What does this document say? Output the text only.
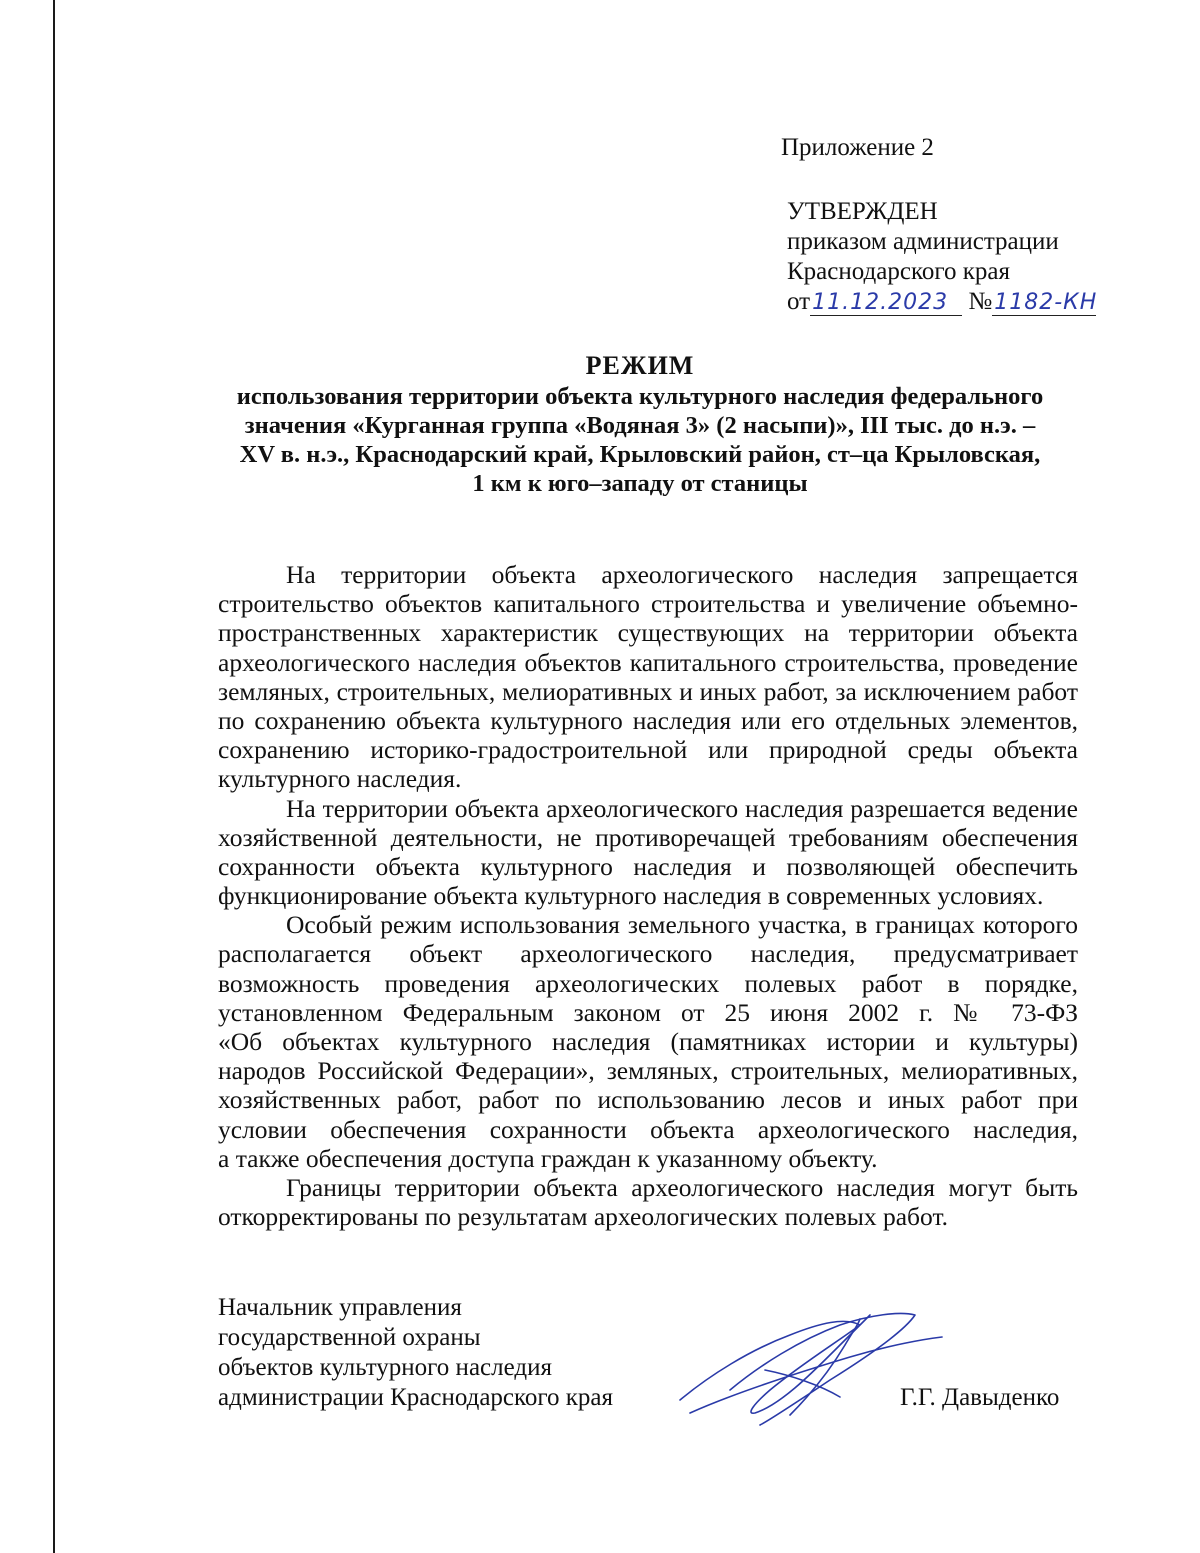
Приложение 2
УТВЕРЖДЕН
приказом администрации
Краснодарского края
от11.12.2023 №1182-КН
РЕЖИМ
использования территории объекта культурного наследия федерального
значения «Курганная группа «Водяная 3» (2 насыпи)», III тыс. до н.э. –
XV в. н.э., Краснодарский край, Крыловский район, ст–ца Крыловская,
1 км к юго–западу от станицы
На территории объекта археологического наследия запрещается
строительство объектов капитального строительства и увеличение объемно-
пространственных характеристик существующих на территории объекта
археологического наследия объектов капитального строительства, проведение
земляных, строительных, мелиоративных и иных работ, за исключением работ
по сохранению объекта культурного наследия или его отдельных элементов,
сохранению историко-градостроительной или природной среды объекта
культурного наследия.
На территории объекта археологического наследия разрешается ведение
хозяйственной деятельности, не противоречащей требованиям обеспечения
сохранности объекта культурного наследия и позволяющей обеспечить
функционирование объекта культурного наследия в современных условиях.
Особый режим использования земельного участка, в границах которого
располагается объект археологического наследия, предусматривает
возможность проведения археологических полевых работ в порядке,
установленном Федеральным законом от 25 июня 2002 г. № 73-ФЗ
«Об объектах культурного наследия (памятниках истории и культуры)
народов Российской Федерации», земляных, строительных, мелиоративных,
хозяйственных работ, работ по использованию лесов и иных работ при
условии обеспечения сохранности объекта археологического наследия,
а также обеспечения доступа граждан к указанному объекту.
Границы территории объекта археологического наследия могут быть
откорректированы по результатам археологических полевых работ.
Начальник управления
государственной охраны
объектов культурного наследия
администрации Краснодарского края	Г.Г. Давыденко
